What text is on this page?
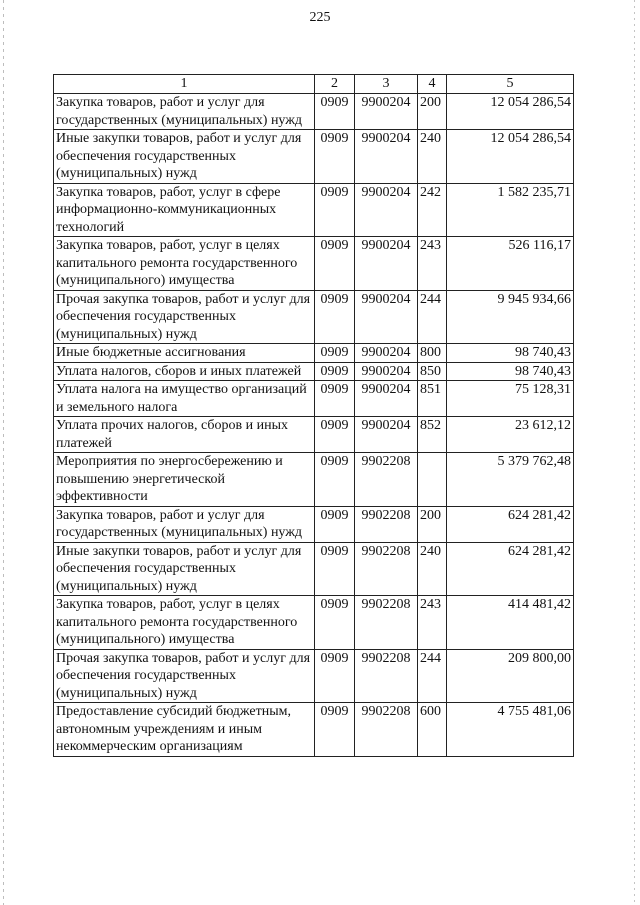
225
1	2	3	4	5
Закупка товаров, работ и услуг для государственных (муниципальных) нужд	0909	9900204	200	12 054 286,54
Иные закупки товаров, работ и услуг для обеспечения государственных (муниципальных) нужд	0909	9900204	240	12 054 286,54
Закупка товаров, работ, услуг в сфере информационно-коммуникационных технологий	0909	9900204	242	1 582 235,71
Закупка товаров, работ, услуг в целях капитального ремонта государственного (муниципального) имущества	0909	9900204	243	526 116,17
Прочая закупка товаров, работ и услуг для обеспечения государственных (муниципальных) нужд	0909	9900204	244	9 945 934,66
Иные бюджетные ассигнования	0909	9900204	800	98 740,43
Уплата налогов, сборов и иных платежей	0909	9900204	850	98 740,43
Уплата налога на имущество организаций и земельного налога	0909	9900204	851	75 128,31
Уплата прочих налогов, сборов и иных платежей	0909	9900204	852	23 612,12
Мероприятия по энергосбережению и повышению энергетической эффективности	0909	9902208		5 379 762,48
Закупка товаров, работ и услуг для государственных (муниципальных) нужд	0909	9902208	200	624 281,42
Иные закупки товаров, работ и услуг для обеспечения государственных (муниципальных) нужд	0909	9902208	240	624 281,42
Закупка товаров, работ, услуг в целях капитального ремонта государственного (муниципального) имущества	0909	9902208	243	414 481,42
Прочая закупка товаров, работ и услуг для обеспечения государственных (муниципальных) нужд	0909	9902208	244	209 800,00
Предоставление субсидий бюджетным, автономным учреждениям и иным некоммерческим организациям	0909	9902208	600	4 755 481,06
